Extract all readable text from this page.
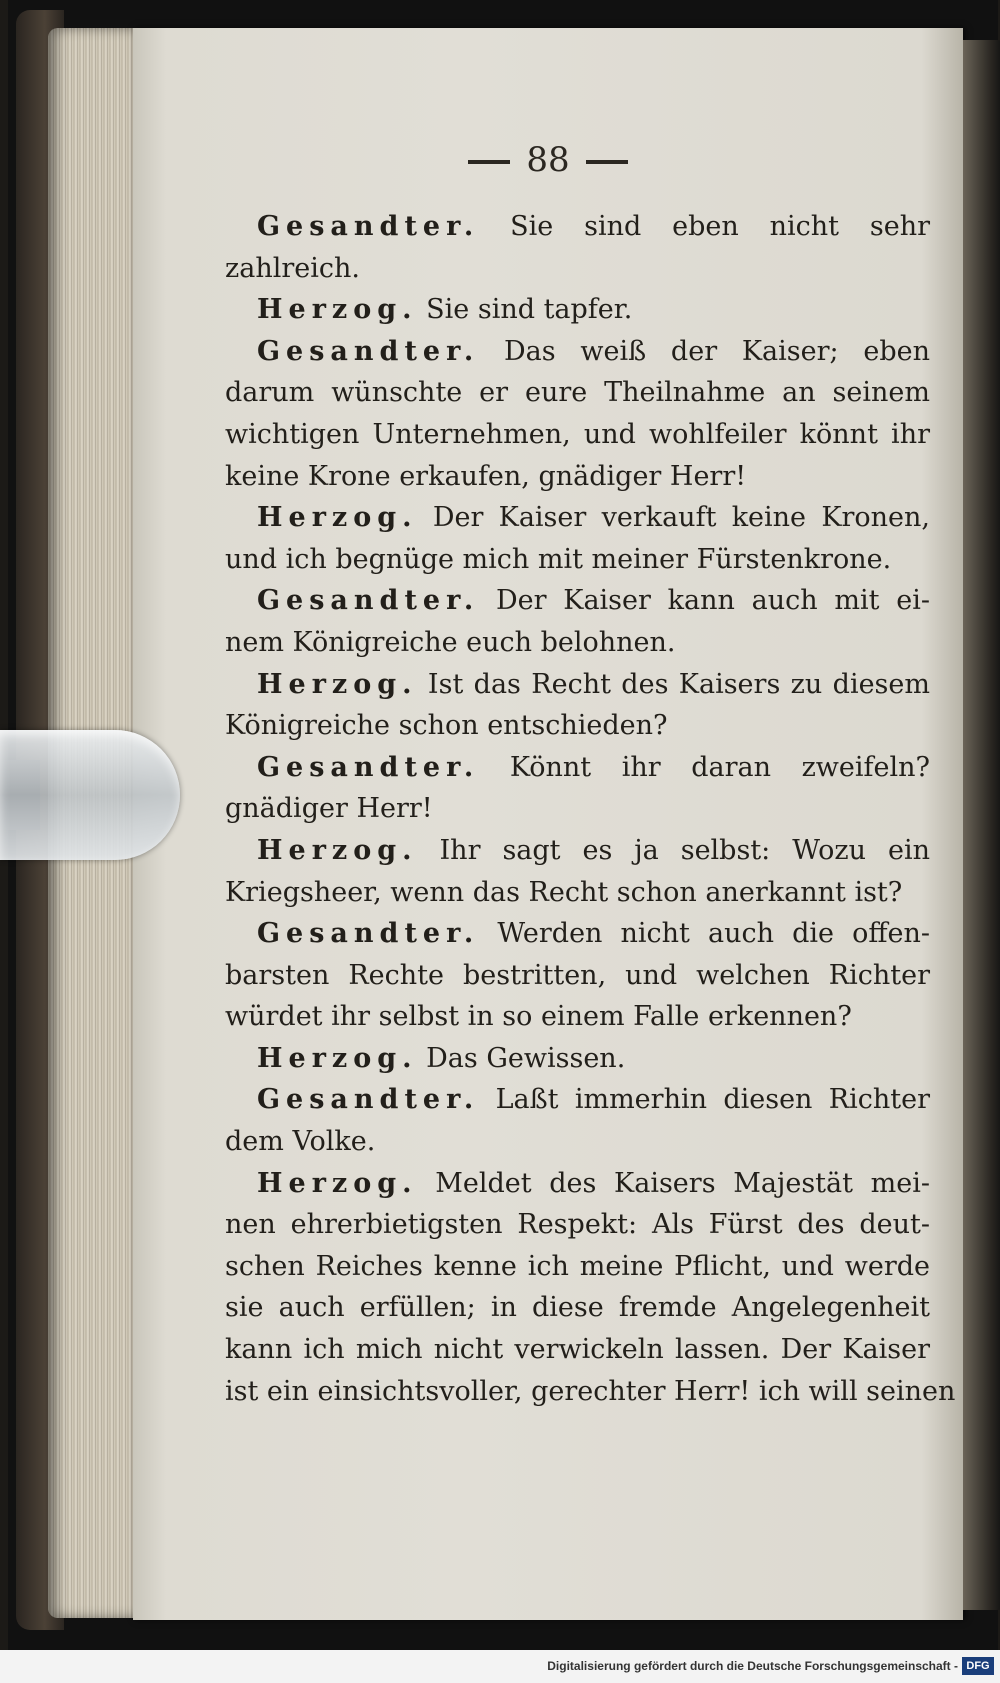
88
Gesandter. Sie sind eben nicht sehr
zahlreich.
Herzog. Sie sind tapfer.
Gesandter. Das weiß der Kaiser; eben
darum wünschte er eure Theilnahme an seinem
wichtigen Unternehmen, und wohlfeiler könnt ihr
keine Krone erkaufen, gnädiger Herr!
Herzog. Der Kaiser verkauft keine Kronen,
und ich begnüge mich mit meiner Fürstenkrone.
Gesandter. Der Kaiser kann auch mit ei-
nem Königreiche euch belohnen.
Herzog. Ist das Recht des Kaisers zu diesem
Königreiche schon entschieden?
Gesandter. Könnt ihr daran zweifeln?
gnädiger Herr!
Herzog. Ihr sagt es ja selbst: Wozu ein
Kriegsheer, wenn das Recht schon anerkannt ist?
Gesandter. Werden nicht auch die offen-
barsten Rechte bestritten, und welchen Richter
würdet ihr selbst in so einem Falle erkennen?
Herzog. Das Gewissen.
Gesandter. Laßt immerhin diesen Richter
dem Volke.
Herzog. Meldet des Kaisers Majestät mei-
nen ehrerbietigsten Respekt: Als Fürst des deut-
schen Reiches kenne ich meine Pflicht, und werde
sie auch erfüllen; in diese fremde Angelegenheit
kann ich mich nicht verwickeln lassen. Der Kaiser
ist ein einsichtsvoller, gerechter Herr! ich will seinen
Digitalisierung gefördert durch die Deutsche Forschungsgemeinschaft - DFG
